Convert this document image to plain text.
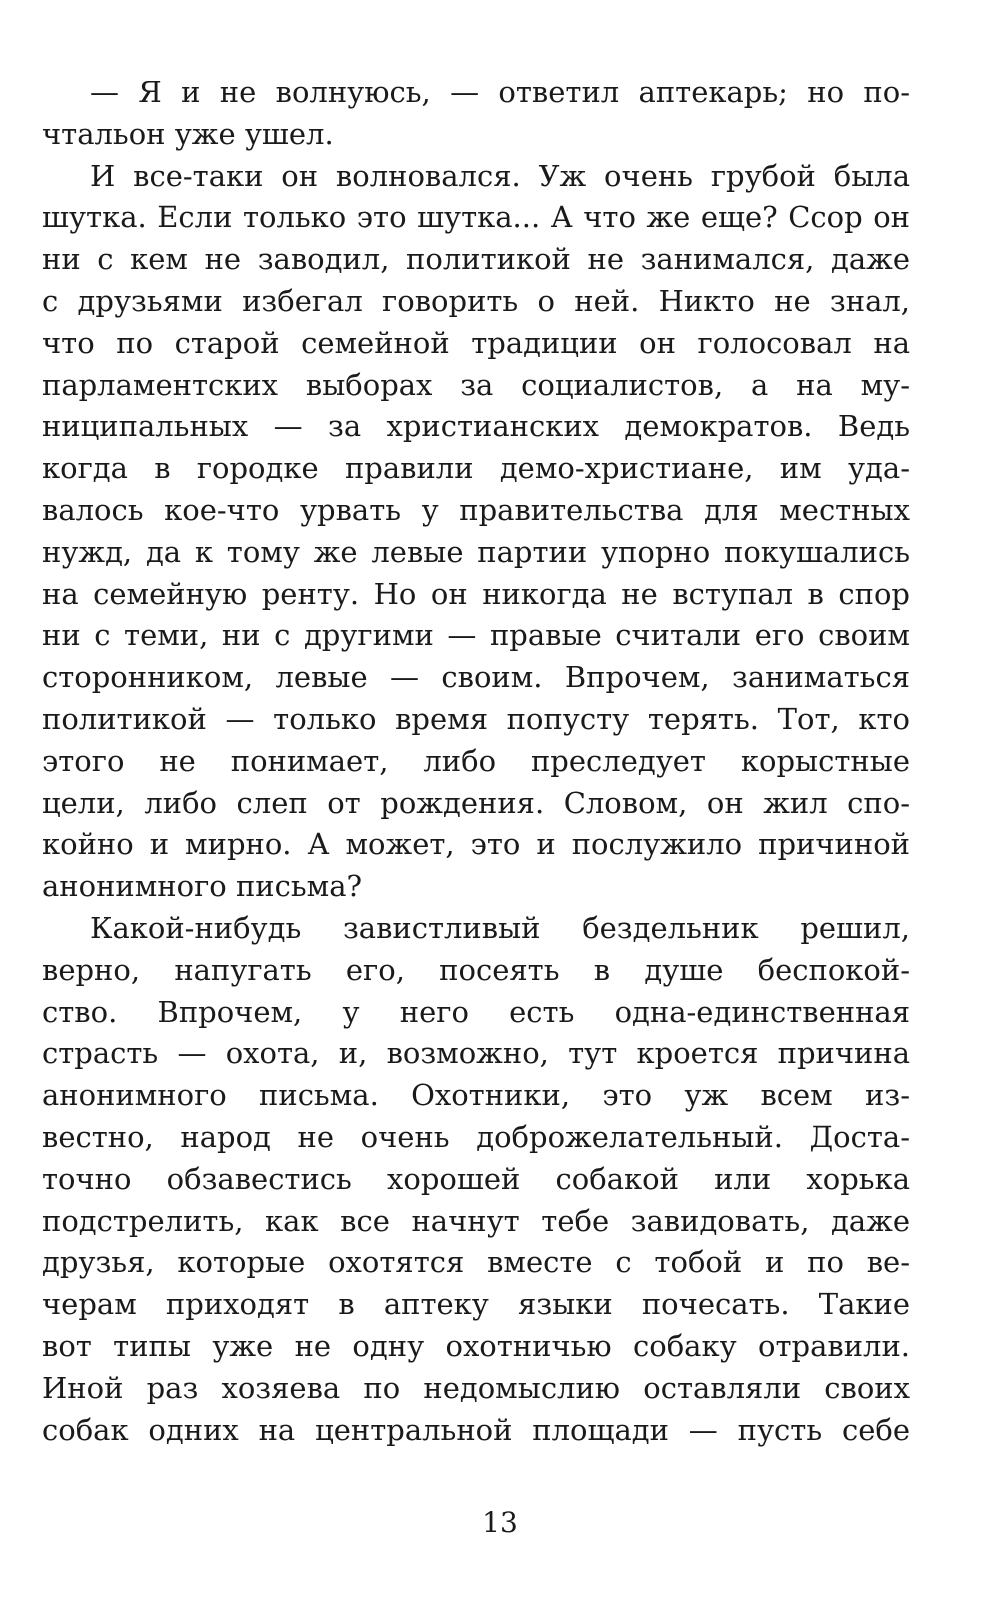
— Я и не волнуюсь, — ответил аптекарь; но по-
чтальон уже ушел.
И все-таки он волновался. Уж очень грубой была
шутка. Если только это шутка... А что же еще? Ссор он
ни с кем не заводил, политикой не занимался, даже
с друзьями избегал говорить о ней. Никто не знал,
что по старой семейной традиции он голосовал на
парламентских выборах за социалистов, а на му-
ниципальных — за христианских демократов. Ведь
когда в городке правили демо-христиане, им уда-
валось кое-что урвать у правительства для местных
нужд, да к тому же левые партии упорно покушались
на семейную ренту. Но он никогда не вступал в спор
ни с теми, ни с другими — правые считали его своим
сторонником, левые — своим. Впрочем, заниматься
политикой — только время попусту терять. Тот, кто
этого не понимает, либо преследует корыстные
цели, либо слеп от рождения. Словом, он жил спо-
койно и мирно. А может, это и послужило причиной
анонимного письма?
Какой-нибудь завистливый бездельник решил,
верно, напугать его, посеять в душе беспокой-
ство. Впрочем, у него есть одна-единственная
страсть — охота, и, возможно, тут кроется причина
анонимного письма. Охотники, это уж всем из-
вестно, народ не очень доброжелательный. Доста-
точно обзавестись хорошей собакой или хорька
подстрелить, как все начнут тебе завидовать, даже
друзья, которые охотятся вместе с тобой и по ве-
черам приходят в аптеку языки почесать. Такие
вот типы уже не одну охотничью собаку отравили.
Иной раз хозяева по недомыслию оставляли своих
собак одних на центральной площади — пусть себе
13
